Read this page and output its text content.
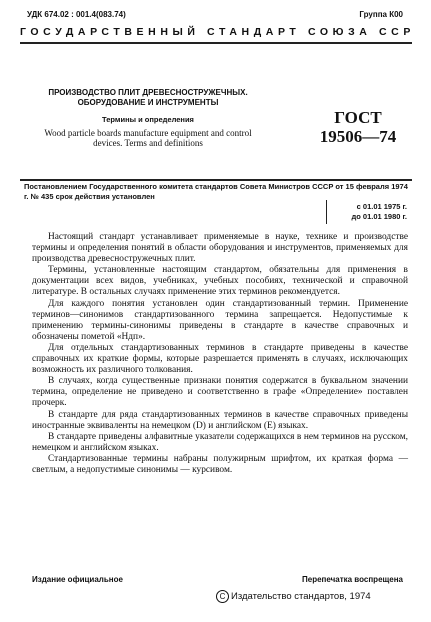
УДК 674.02 : 001.4(083.74)	Группа К00
ГОСУДАРСТВЕННЫЙ СТАНДАРТ СОЮЗА ССР
ПРОИЗВОДСТВО ПЛИТ ДРЕВЕСНОСТРУЖЕЧНЫХ. ОБОРУДОВАНИЕ И ИНСТРУМЕНТЫ
Термины и определения
Wood particle boards manufacture equipment and control devices. Terms and definitions
ГОСТ
19506—74
Постановлением Государственного комитета стандартов Совета Министров СССР от 15 февраля 1974 г. № 435 срок действия установлен
с 01.01 1975 г.
до 01.01 1980 г.

Настоящий стандарт устанавливает применяемые в науке, технике и производстве термины и определения понятий в области оборудования и инструментов, применяемых для производства древесностружечных плит.

Термины, установленные настоящим стандартом, обязательны для применения в документации всех видов, учебниках, учебных пособиях, технической и справочной литературе. В остальных случаях применение этих терминов рекомендуется.

Для каждого понятия установлен один стандартизованный термин. Применение терминов—синонимов стандартизованного термина запрещается. Недопустимые к применению термины-синонимы приведены в стандарте в качестве справочных и обозначены пометой «Ндп».

Для отдельных стандартизованных терминов в стандарте приведены в качестве справочных их краткие формы, которые разрешается применять в случаях, исключающих возможность их различного толкования.

В случаях, когда существенные признаки понятия содержатся в буквальном значении термина, определение не приведено и соответственно в графе «Определение» поставлен прочерк.

В стандарте для ряда стандартизованных терминов в качестве справочных приведены иностранные эквиваленты на немецком (D) и английском (E) языках.

В стандарте приведены алфавитные указатели содержащихся в нем терминов на русском, немецком и английском языках.

Стандартизованные термины набраны полужирным шрифтом, их краткая форма — светлым, а недопустимые синонимы — курсивом.

Издание официальное	Перепечатка воспрещена
С Издательство стандартов, 1974
